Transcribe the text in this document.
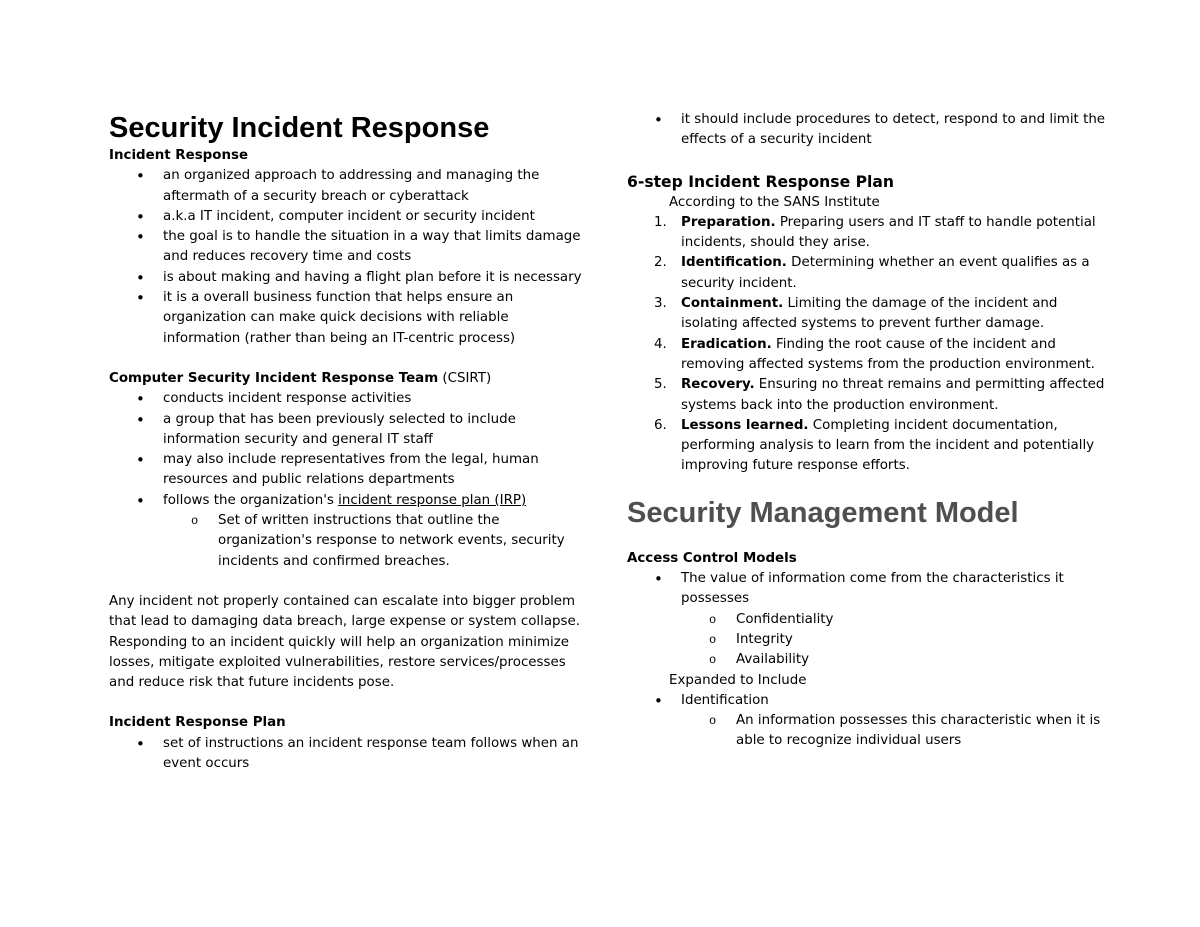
Security Incident Response

Incident Response

• an organized approach to addressing and managing the aftermath of a security breach or cyberattack
• a.k.a IT incident, computer incident or security incident
• the goal is to handle the situation in a way that limits damage and reduces recovery time and costs
• is about making and having a flight plan before it is necessary
• it is a overall business function that helps ensure an organization can make quick decisions with reliable information (rather than being an IT-centric process)

Computer Security Incident Response Team (CSIRT)

• conducts incident response activities
• a group that has been previously selected to include information security and general IT staff
• may also include representatives from the legal, human resources and public relations departments
• follows the organization's incident response plan (IRP)
o Set of written instructions that outline the organization's response to network events, security incidents and confirmed breaches.

Any incident not properly contained can escalate into bigger problem that lead to damaging data breach, large expense or system collapse.

Responding to an incident quickly will help an organization minimize losses, mitigate exploited vulnerabilities, restore services/processes and reduce risk that future incidents pose.

Incident Response Plan

• set of instructions an incident response team follows when an event occurs
• it should include procedures to detect, respond to and limit the effects of a security incident

6-step Incident Response Plan

According to the SANS Institute

1. Preparation. Preparing users and IT staff to handle potential incidents, should they arise.
2. Identification. Determining whether an event qualifies as a security incident.
3. Containment. Limiting the damage of the incident and isolating affected systems to prevent further damage.
4. Eradication. Finding the root cause of the incident and removing affected systems from the production environment.
5. Recovery. Ensuring no threat remains and permitting affected systems back into the production environment.
6. Lessons learned. Completing incident documentation, performing analysis to learn from the incident and potentially improving future response efforts.
Security Management Model

Access Control Models

• The value of information come from the characteristics it possesses
o Confidentiality
o Integrity
o Availability

Expanded to Include

• Identification
o An information possesses this characteristic when it is able to recognize individual users
